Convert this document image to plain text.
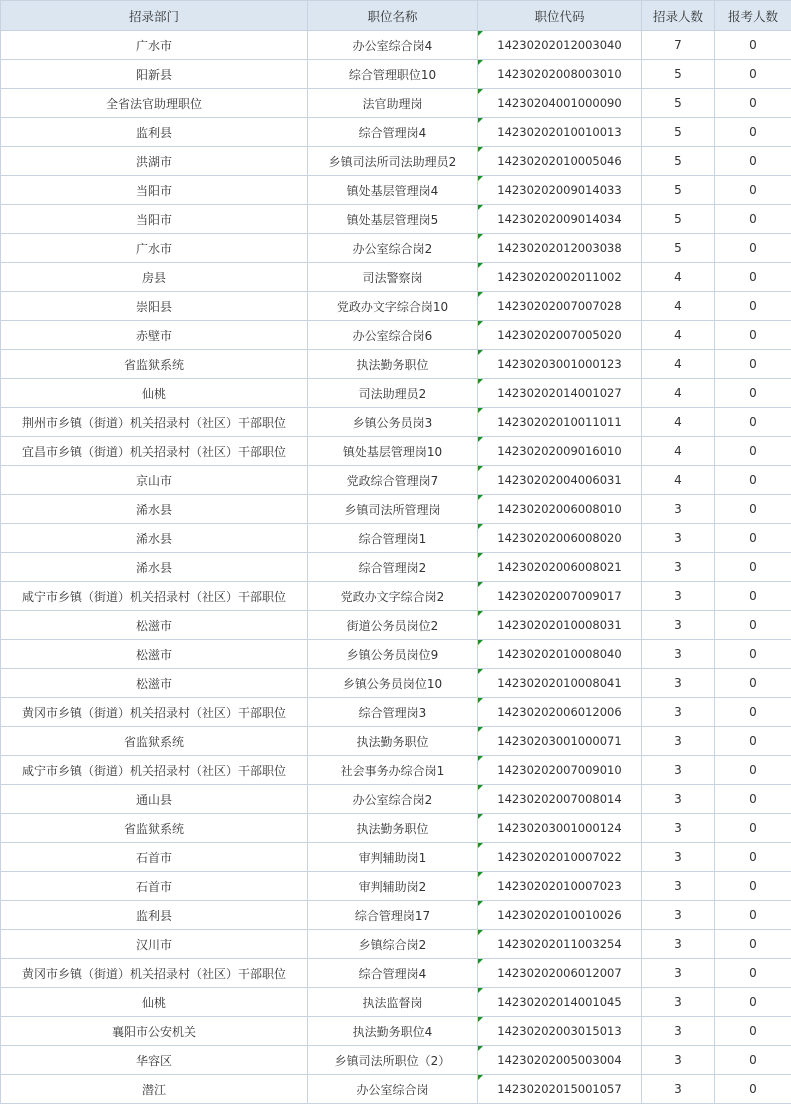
招录部门	职位名称	职位代码	招录人数	报考人数
广水市	办公室综合岗4	14230202012003040	7	0
阳新县	综合管理职位10	14230202008003010	5	0
全省法官助理职位	法官助理岗	14230204001000090	5	0
监利县	综合管理岗4	14230202010010013	5	0
洪湖市	乡镇司法所司法助理员2	14230202010005046	5	0
当阳市	镇处基层管理岗4	14230202009014033	5	0
当阳市	镇处基层管理岗5	14230202009014034	5	0
广水市	办公室综合岗2	14230202012003038	5	0
房县	司法警察岗	14230202002011002	4	0
崇阳县	党政办文字综合岗10	14230202007007028	4	0
赤壁市	办公室综合岗6	14230202007005020	4	0
省监狱系统	执法勤务职位	14230203001000123	4	0
仙桃	司法助理员2	14230202014001027	4	0
荆州市乡镇（街道）机关招录村（社区）干部职位	乡镇公务员岗3	14230202010011011	4	0
宜昌市乡镇（街道）机关招录村（社区）干部职位	镇处基层管理岗10	14230202009016010	4	0
京山市	党政综合管理岗7	14230202004006031	4	0
浠水县	乡镇司法所管理岗	14230202006008010	3	0
浠水县	综合管理岗1	14230202006008020	3	0
浠水县	综合管理岗2	14230202006008021	3	0
咸宁市乡镇（街道）机关招录村（社区）干部职位	党政办文字综合岗2	14230202007009017	3	0
松滋市	街道公务员岗位2	14230202010008031	3	0
松滋市	乡镇公务员岗位9	14230202010008040	3	0
松滋市	乡镇公务员岗位10	14230202010008041	3	0
黄冈市乡镇（街道）机关招录村（社区）干部职位	综合管理岗3	14230202006012006	3	0
省监狱系统	执法勤务职位	14230203001000071	3	0
咸宁市乡镇（街道）机关招录村（社区）干部职位	社会事务办综合岗1	14230202007009010	3	0
通山县	办公室综合岗2	14230202007008014	3	0
省监狱系统	执法勤务职位	14230203001000124	3	0
石首市	审判辅助岗1	14230202010007022	3	0
石首市	审判辅助岗2	14230202010007023	3	0
监利县	综合管理岗17	14230202010010026	3	0
汉川市	乡镇综合岗2	14230202011003254	3	0
黄冈市乡镇（街道）机关招录村（社区）干部职位	综合管理岗4	14230202006012007	3	0
仙桃	执法监督岗	14230202014001045	3	0
襄阳市公安机关	执法勤务职位4	14230202003015013	3	0
华容区	乡镇司法所职位（2）	14230202005003004	3	0
潜江	办公室综合岗	14230202015001057	3	0
